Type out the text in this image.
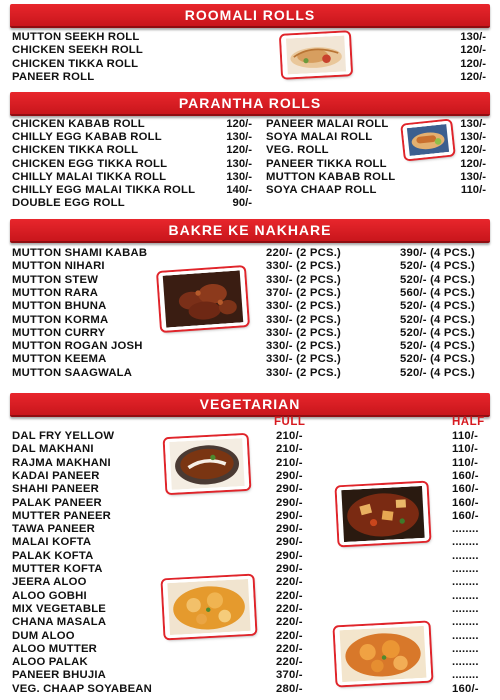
ROOMALI ROLLS
MUTTON SEEKH ROLL	130/-
CHICKEN SEEKH ROLL	120/-
CHICKEN TIKKA ROLL	120/-
PANEER ROLL	120/-
PARANTHA ROLLS
CHICKEN KABAB ROLL	120/-
CHILLY EGG KABAB ROLL	130/-
CHICKEN TIKKA ROLL	120/-
CHICKEN EGG TIKKA ROLL	130/-
CHILLY MALAI TIKKA ROLL	130/-
CHILLY EGG MALAI TIKKA ROLL	140/-
DOUBLE EGG ROLL	90/-
PANEER MALAI ROLL	130/-
SOYA MALAI ROLL	130/-
VEG. ROLL	120/-
PANEER TIKKA ROLL	120/-
MUTTON KABAB ROLL	130/-
SOYA CHAAP ROLL	110/-
BAKRE KE NAKHARE
MUTTON SHAMI KABAB	220/- (2 PCS.)	390/- (4 PCS.)
MUTTON NIHARI	330/- (2 PCS.)	520/- (4 PCS.)
MUTTON STEW	330/- (2 PCS.)	520/- (4 PCS.)
MUTTON RARA	370/- (2 PCS.)	560/- (4 PCS.)
MUTTON BHUNA	330/- (2 PCS.)	520/- (4 PCS.)
MUTTON KORMA	330/- (2 PCS.)	520/- (4 PCS.)
MUTTON CURRY	330/- (2 PCS.)	520/- (4 PCS.)
MUTTON ROGAN JOSH	330/- (2 PCS.)	520/- (4 PCS.)
MUTTON KEEMA	330/- (2 PCS.)	520/- (4 PCS.)
MUTTON SAAGWALA	330/- (2 PCS.)	520/- (4 PCS.)
VEGETARIAN
FULL	HALF
DAL FRY YELLOW	210/-	110/-
DAL MAKHANI	210/-	110/-
RAJMA MAKHANI	210/-	110/-
KADAI PANEER	290/-	160/-
SHAHI PANEER	290/-	160/-
PALAK PANEER	290/-	160/-
MUTTER PANEER	290/-	160/-
TAWA PANEER	290/-	........
MALAI KOFTA	290/-	........
PALAK KOFTA	290/-	........
MUTTER KOFTA	290/-	........
JEERA ALOO	220/-	........
ALOO GOBHI	220/-	........
MIX VEGETABLE	220/-	........
CHANA MASALA	220/-	........
DUM ALOO	220/-	........
ALOO MUTTER	220/-	........
ALOO PALAK	220/-	........
PANEER BHUJIA	370/-	........
VEG. CHAAP SOYABEAN	280/-	160/-
